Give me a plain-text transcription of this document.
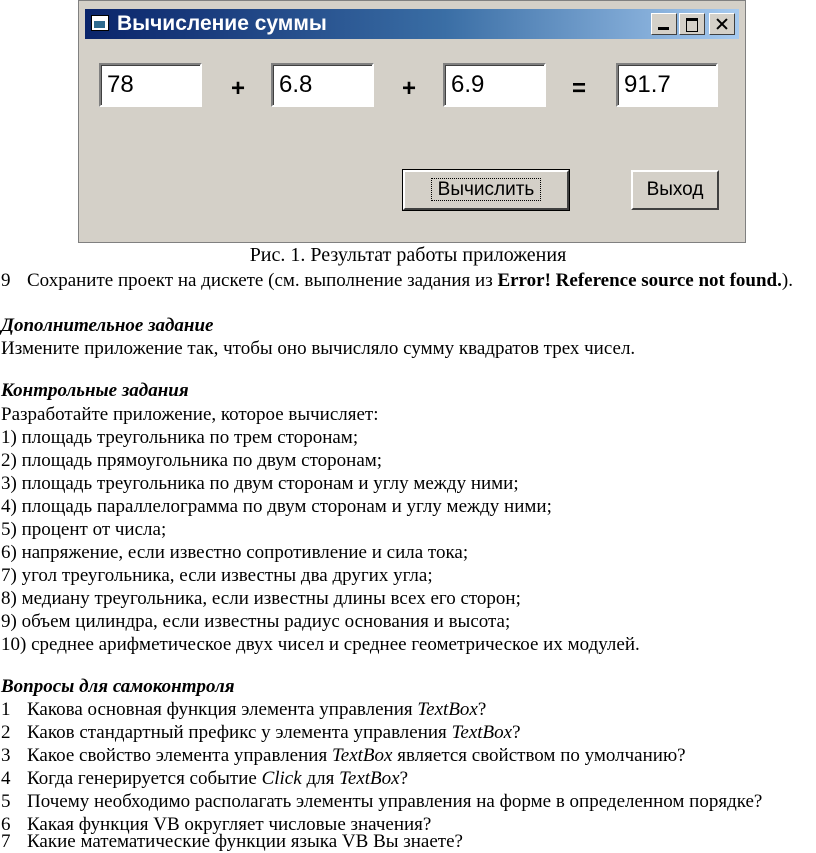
Вычисление суммы
78	+	6.8	+	6.9	=	91.7
Вычислить	Выход
Рис. 1. Результат работы приложения
9 Сохраните проект на дискете (см. выполнение задания из Error! Reference source not found.).
Дополнительное задание
Измените приложение так, чтобы оно вычисляло сумму квадратов трех чисел.
Контрольные задания
Разработайте приложение, которое вычисляет:
1) площадь треугольника по трем сторонам;
2) площадь прямоугольника по двум сторонам;
3) площадь треугольника по двум сторонам и углу между ними;
4) площадь параллелограмма по двум сторонам и углу между ними;
5) процент от числа;
6) напряжение, если известно сопротивление и сила тока;
7) угол треугольника, если известны два других угла;
8) медиану треугольника, если известны длины всех его сторон;
9) объем цилиндра, если известны радиус основания и высота;
10) среднее арифметическое двух чисел и среднее геометрическое их модулей.
Вопросы для самоконтроля
1 Какова основная функция элемента управления TextBox?
2 Каков стандартный префикс у элемента управления TextBox?
3 Какое свойство элемента управления TextBox является свойством по умолчанию?
4 Когда генерируется событие Click для TextBox?
5 Почему необходимо располагать элементы управления на форме в определенном порядке?
6 Какая функция VB округляет числовые значения?
7 Какие математические функции языка VB Вы знаете?
